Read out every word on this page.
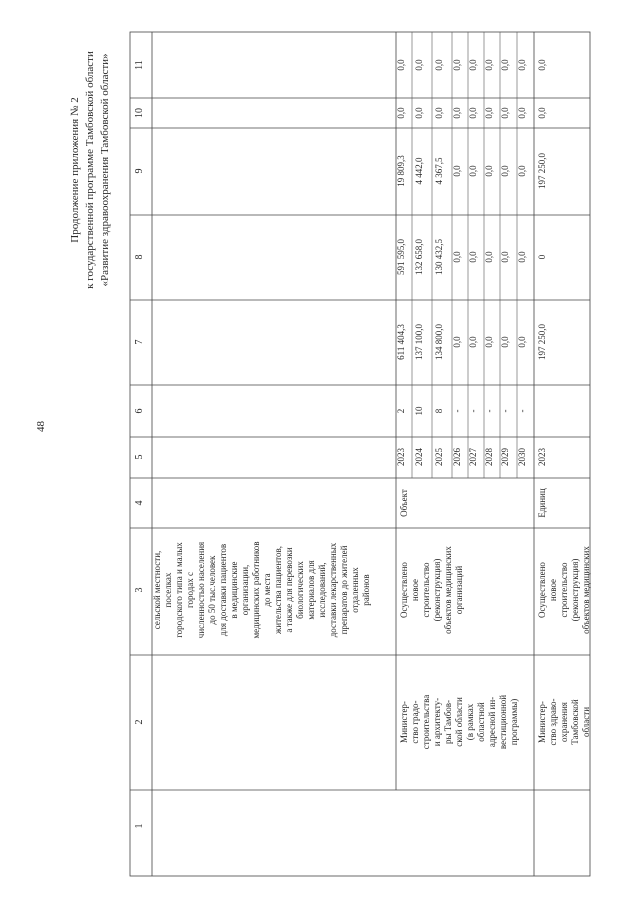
48
Продолжение приложения № 2 к государственной программе Тамбовской области «Развитие здравоохранения Тамбовской области»
1
2
3
4
5
6
7
8
9
10
11
сельской местности, поселках городского типа и малых городах с численностью населения до 50 тыс.человек для доставки пациентов в медицинские организации, медицинских работников до места жительства пациентов, а также для перевозки биологических материалов для исследований, доставки лекарственных препаратов до жителей отдаленных районов
Министер- ство градо- строительства и архитекту- ры Тамбов- ской области (в рамках областной адресной ин- вестиционной программы)
Осуществлено новое строительство (реконструкция) объектов медицинских организаций
Объект
2023
2
611 404,3
591 595,0
19 809,3
0,0
0,0
2024
10
137 100,0
132 658,0
4 442,0
0,0
0,0
2025
8
134 800,0
130 432,5
4 367,5
0,0
0,0
2026
-
0,0
0,0
0,0
0,0
0,0
2027
-
0,0
0,0
0,0
0,0
0,0
2028
-
0,0
0,0
0,0
0,0
0,0
2029
-
0,0
0,0
0,0
0,0
0,0
2030
-
0,0
0,0
0,0
0,0
0,0
Министер- ство здраво- охранения Тамбовской области
Осуществлено новое строительство (реконструкция) объектов медицинских
Единиц
2023
197 250,0
0
197 250,0
0,0
0,0
